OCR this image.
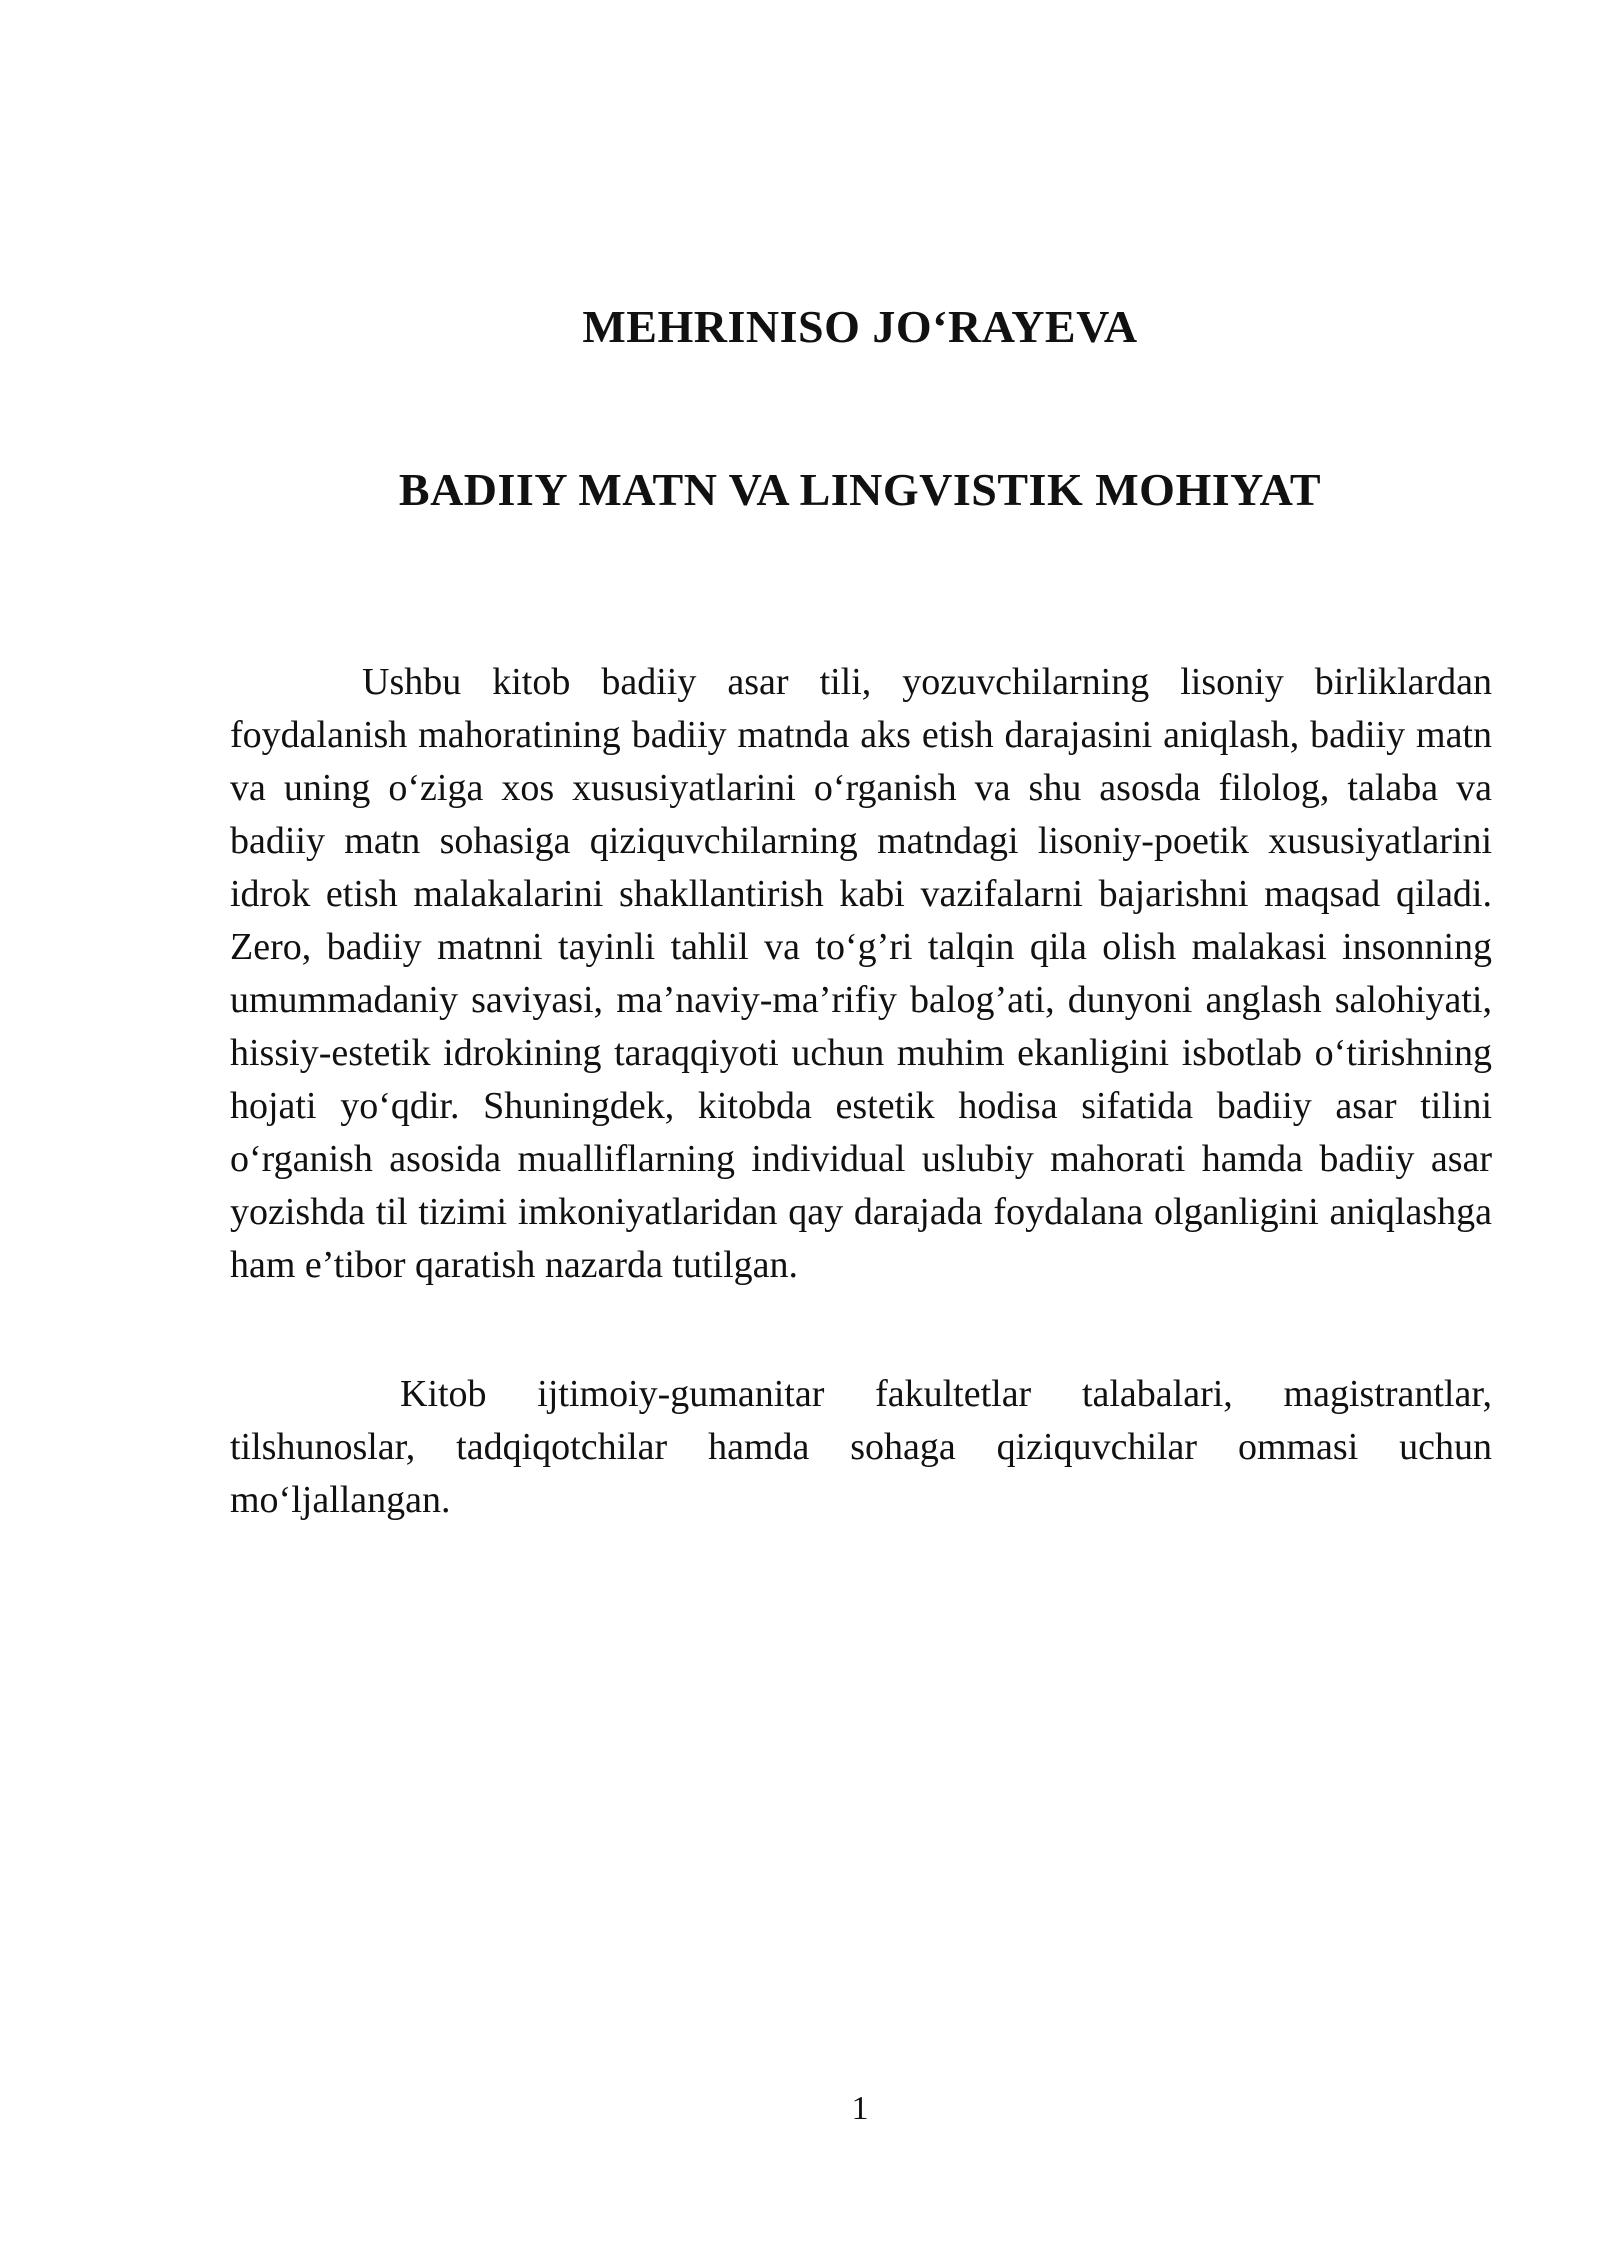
MEHRINISO JO‘RAYEVA
BADIIY MATN VA LINGVISTIK MOHIYAT

Ushbu kitob badiiy asar tili, yozuvchilarning lisoniy birliklardan foydalanish mahoratining badiiy matnda aks etish darajasini aniqlash, badiiy matn va uning o‘ziga xos xususiyatlarini o‘rganish va shu asosda filolog, talaba va badiiy matn sohasiga qiziquvchilarning matndagi lisoniy-poetik xususiyatlarini idrok etish malakalarini shakllantirish kabi vazifalarni bajarishni maqsad qiladi. Zero, badiiy matnni tayinli tahlil va to‘g’ri talqin qila olish malakasi insonning umummadaniy saviyasi, ma’naviy-ma’rifiy balog’ati, dunyoni anglash salohiyati, hissiy-estetik idrokining taraqqiyoti uchun muhim ekanligini isbotlab o‘tirishning hojati yo‘qdir. Shuningdek, kitobda estetik hodisa sifatida badiiy asar tilini o‘rganish asosida mualliflarning individual uslubiy mahorati hamda badiiy asar yozishda til tizimi imkoniyatlaridan qay darajada foydalana olganligini aniqlashga ham e’tibor qaratish nazarda tutilgan.

Kitob ijtimoiy-gumanitar fakultetlar talabalari, magistrantlar, tilshunoslar, tadqiqotchilar hamda sohaga qiziquvchilar ommasi uchun mo‘ljallangan.

1
